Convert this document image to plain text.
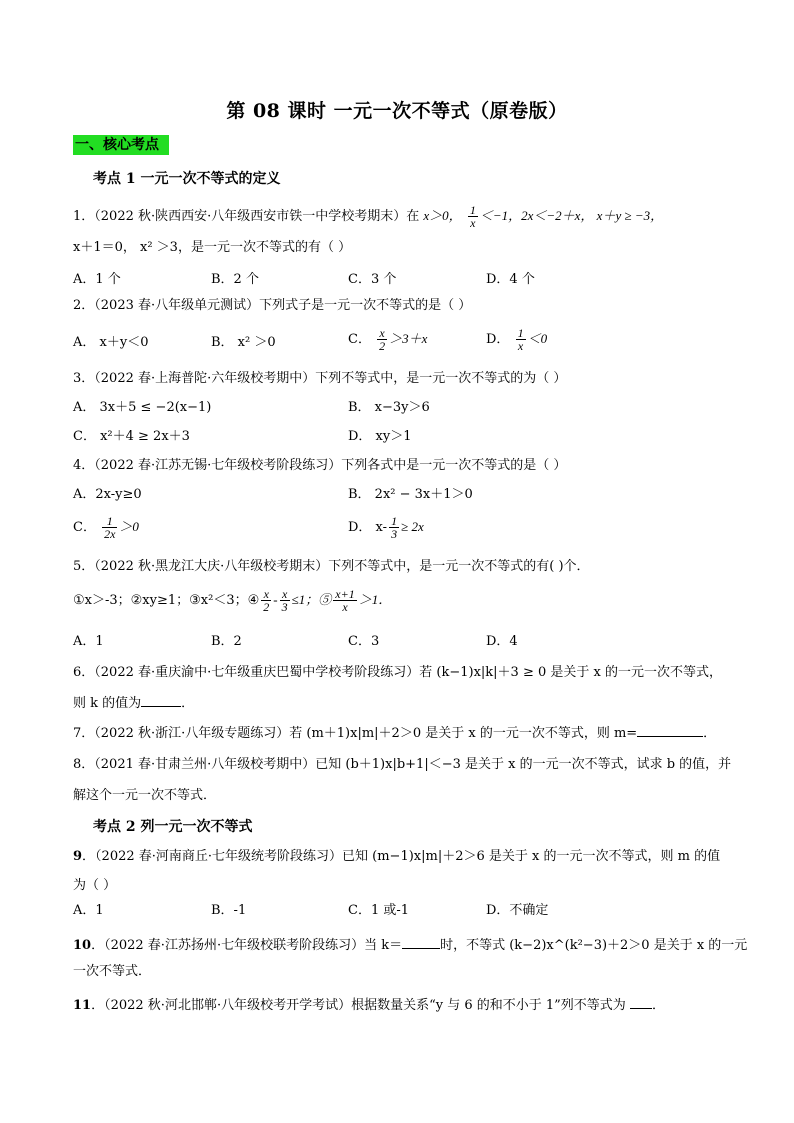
第 08 课时 一元一次不等式（原卷版）
一、核心考点
考点 1 一元一次不等式的定义
1．（2022 秋·陕西西安·八年级西安市铁一中学校考期末）在 x＞0， $\frac{1}{x} <-1$，2x＜−2＋x， x＋y ≥ −3，
x＋1＝0， x² ＞3，是一元一次不等式的有（ ）
A．1 个	B．2 个	C．3 个	D．4 个
2．（2023 春·八年级单元测试）下列式子是一元一次不等式的是（ ）
A． x＋y＜0	B． x² ＞0	C． $\frac{x}{2} >3+x$	D． $\frac{1}{x} <0$
3．（2022 春·上海普陀·六年级校考期中）下列不等式中，是一元一次不等式的为（ ）
A． 3x＋5 ≤ −2(x−1)	B． x−3y＞6
C． x²＋4 ≥ 2x＋3	D． xy＞1
4．（2022 春·江苏无锡·七年级校考阶段练习）下列各式中是一元一次不等式的是（ ）
A．2x-y≥0	B． 2x² − 3x＋1＞0
C． $\frac{1}{2x} >0$	D． $x- \frac{1}{3} \ge 2x$
5．（2022 秋·黑龙江大庆·八年级校考期末）下列不等式中，是一元一次不等式的有( )个．
①x＞-3；②xy≥1；③x²＜3；④ $\frac{x}{2} - \frac{x}{3} \le 1$；⑤ $\frac{x+1}{x} >1$．
A．1	B．2	C．3	D．4
6．（2022 春·重庆渝中·七年级重庆巴蜀中学校考阶段练习）若 (k−1)x|k|＋3 ≥ 0 是关于 x 的一元一次不等式，
则 k 的值为	．
7．（2022 秋·浙江·八年级专题练习）若 (m＋1)x|m|＋2＞0 是关于 x 的一元一次不等式，则 m=	．
8．（2021 春·甘肃兰州·八年级校考期中）已知 (b＋1)x|b+1|＜−3 是关于 x 的一元一次不等式，试求 b 的值，并
解这个一元一次不等式．
考点 2 列一元一次不等式
9．（2022 春·河南商丘·七年级统考阶段练习）已知 (m−1)x|m|＋2＞6 是关于 x 的一元一次不等式，则 m 的值
为（ ）
A．1	B．-1	C．1 或-1	D．不确定
10．（2022 春·江苏扬州·七年级校联考阶段练习）当 k＝	时，不等式 (k−2)x^(k²−3)＋2＞0 是关于 x 的一元
一次不等式．
11．（2022 秋·河北邯郸·八年级校考开学考试）根据数量关系“y 与 6 的和不小于 1”列不等式为 ．
